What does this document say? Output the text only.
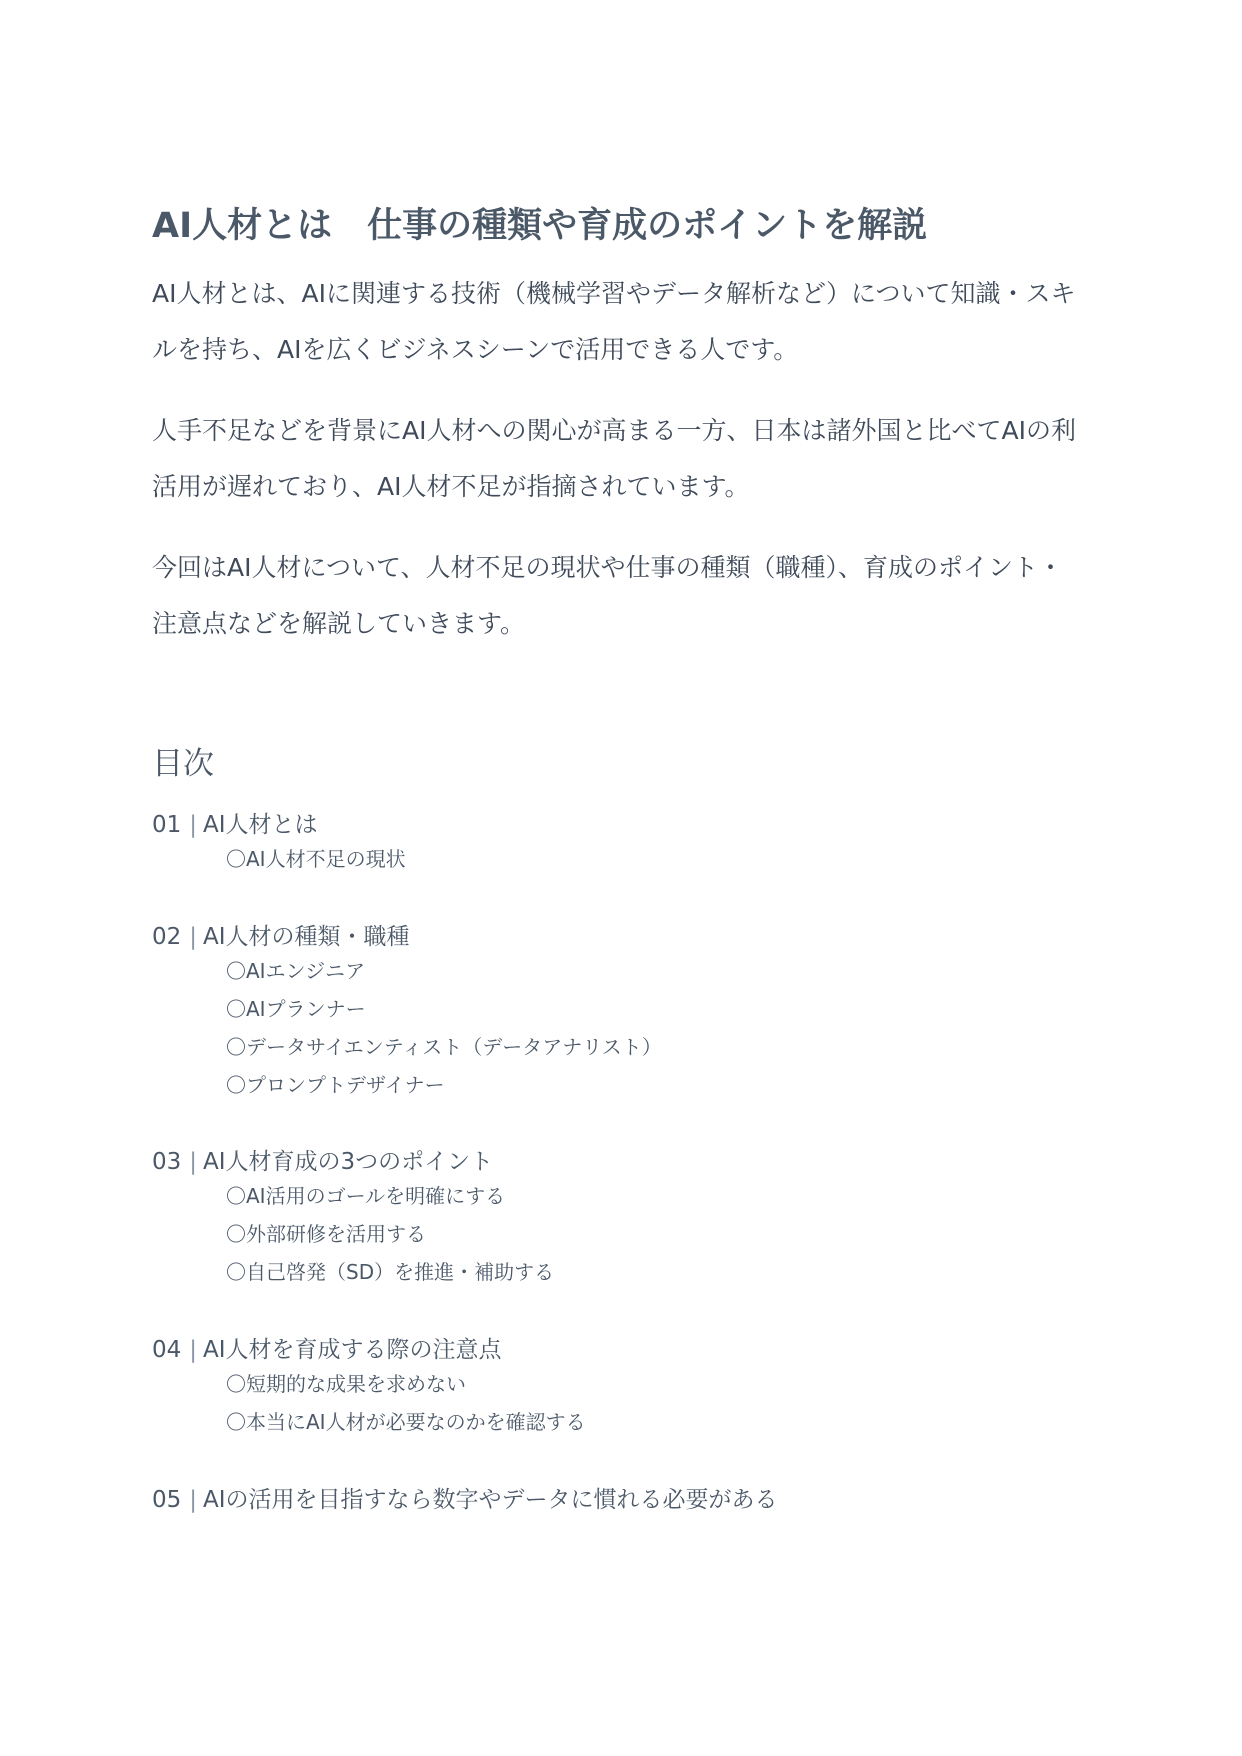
AI人材とは　仕事の種類や育成のポイントを解説

AI人材とは、AIに関連する技術（機械学習やデータ解析など）について知識・スキ
ルを持ち、AIを広くビジネスシーンで活用できる人です。

人手不足などを背景にAI人材への関心が高まる一方、日本は諸外国と比べてAIの利
活用が遅れており、AI人材不足が指摘されています。

今回はAI人材について、人材不足の現状や仕事の種類（職種）、育成のポイント・
注意点などを解説していきます。

目次
01 | AI人材とは
〇AI人材不足の現状
02 | AI人材の種類・職種
〇AIエンジニア
〇AIプランナー
〇データサイエンティスト（データアナリスト）
〇プロンプトデザイナー
03 | AI人材育成の3つのポイント
〇AI活用のゴールを明確にする
〇外部研修を活用する
〇自己啓発（SD）を推進・補助する
04 | AI人材を育成する際の注意点
〇短期的な成果を求めない
〇本当にAI人材が必要なのかを確認する
05 | AIの活用を目指すなら数字やデータに慣れる必要がある
